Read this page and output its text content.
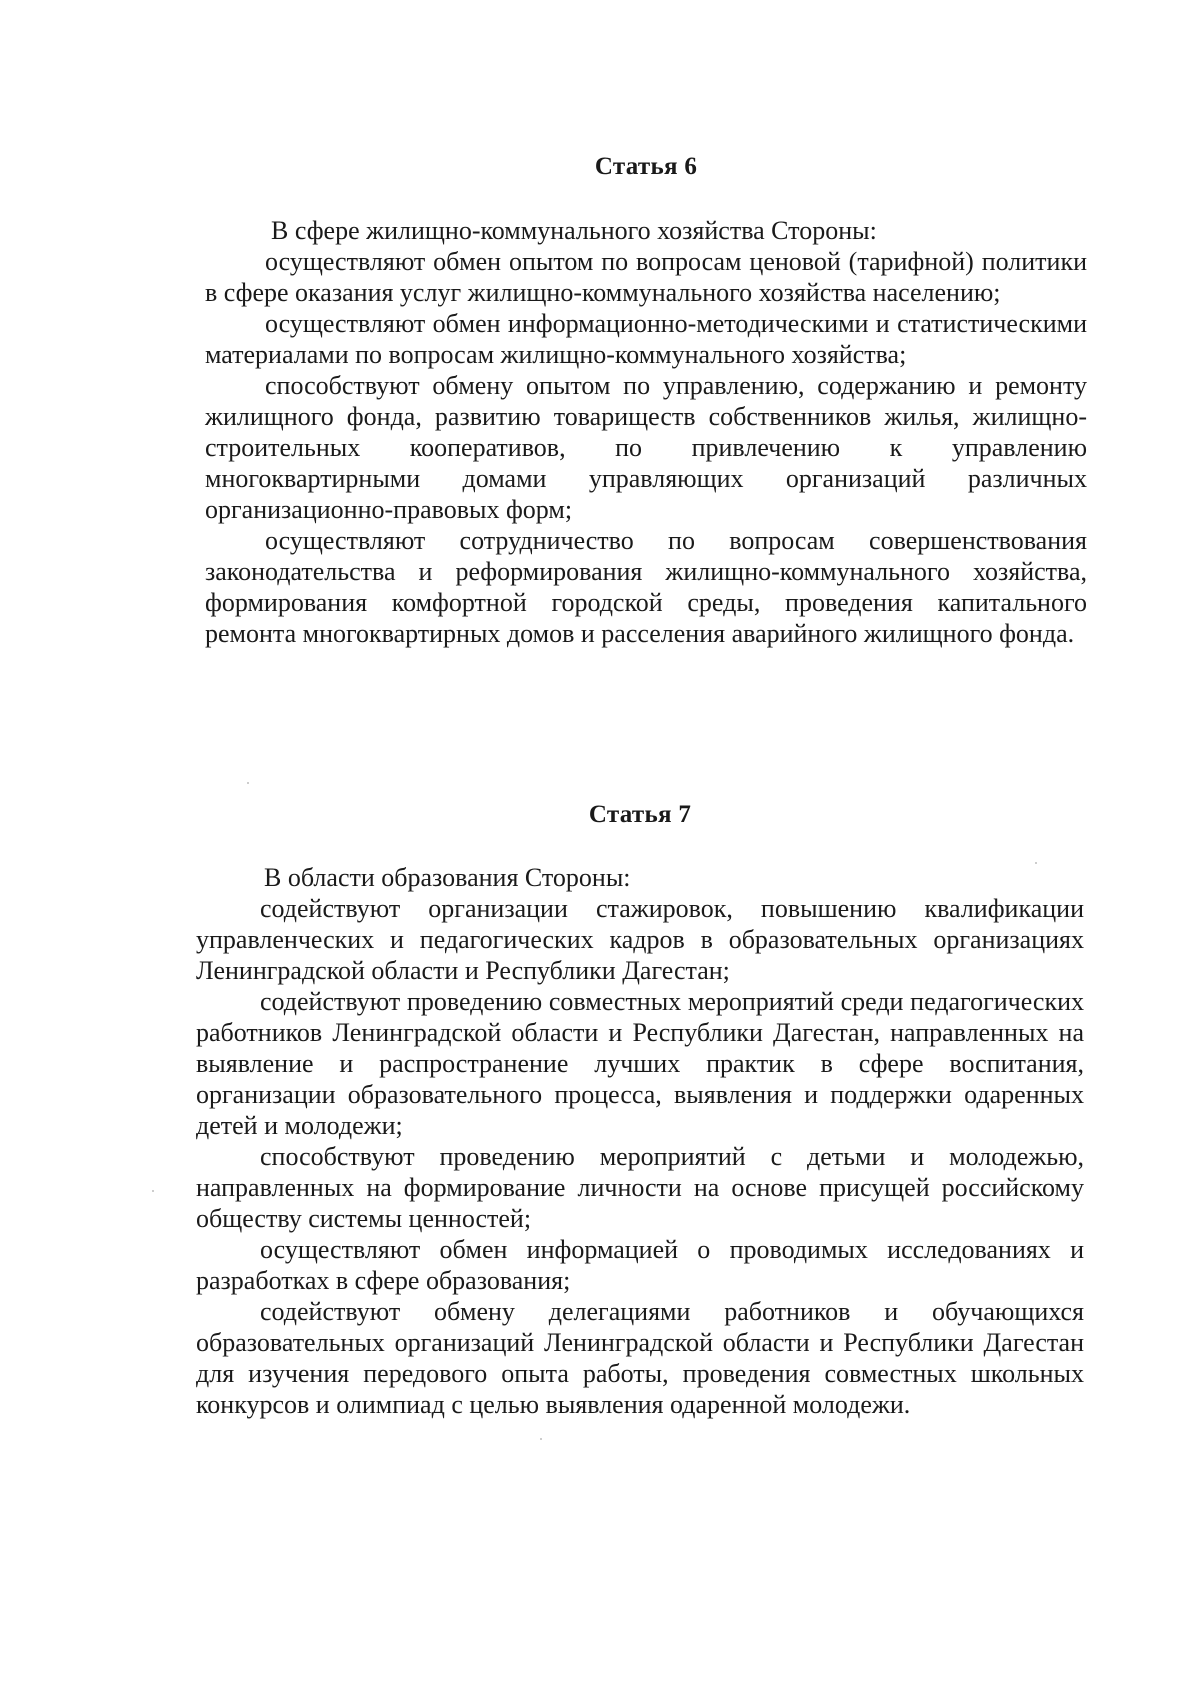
Статья 6

В сфере жилищно-коммунального хозяйства Стороны:

осуществляют обмен опытом по вопросам ценовой (тарифной) политики в сфере оказания услуг жилищно-коммунального хозяйства населению;

осуществляют обмен информационно-методическими и статистическими материалами по вопросам жилищно-коммунального хозяйства;

способствуют обмену опытом по управлению, содержанию и ремонту жилищного фонда, развитию товариществ собственников жилья, жилищно-строительных кооперативов, по привлечению к управлению многоквартирными домами управляющих организаций различных организационно-правовых форм;

осуществляют сотрудничество по вопросам совершенствования законодательства и реформирования жилищно-коммунального хозяйства, формирования комфортной городской среды, проведения капитального ремонта многоквартирных домов и расселения аварийного жилищного фонда.

Статья 7

В области образования Стороны:

содействуют организации стажировок, повышению квалификации управленческих и педагогических кадров в образовательных организациях Ленинградской области и Республики Дагестан;

содействуют проведению совместных мероприятий среди педагогических работников Ленинградской области и Республики Дагестан, направленных на выявление и распространение лучших практик в сфере воспитания, организации образовательного процесса, выявления и поддержки одаренных детей и молодежи;

способствуют проведению мероприятий с детьми и молодежью, направленных на формирование личности на основе присущей российскому обществу системы ценностей;

осуществляют обмен информацией о проводимых исследованиях и разработках в сфере образования;

содействуют обмену делегациями работников и обучающихся образовательных организаций Ленинградской области и Республики Дагестан для изучения передового опыта работы, проведения совместных школьных конкурсов и олимпиад с целью выявления одаренной молодежи.
